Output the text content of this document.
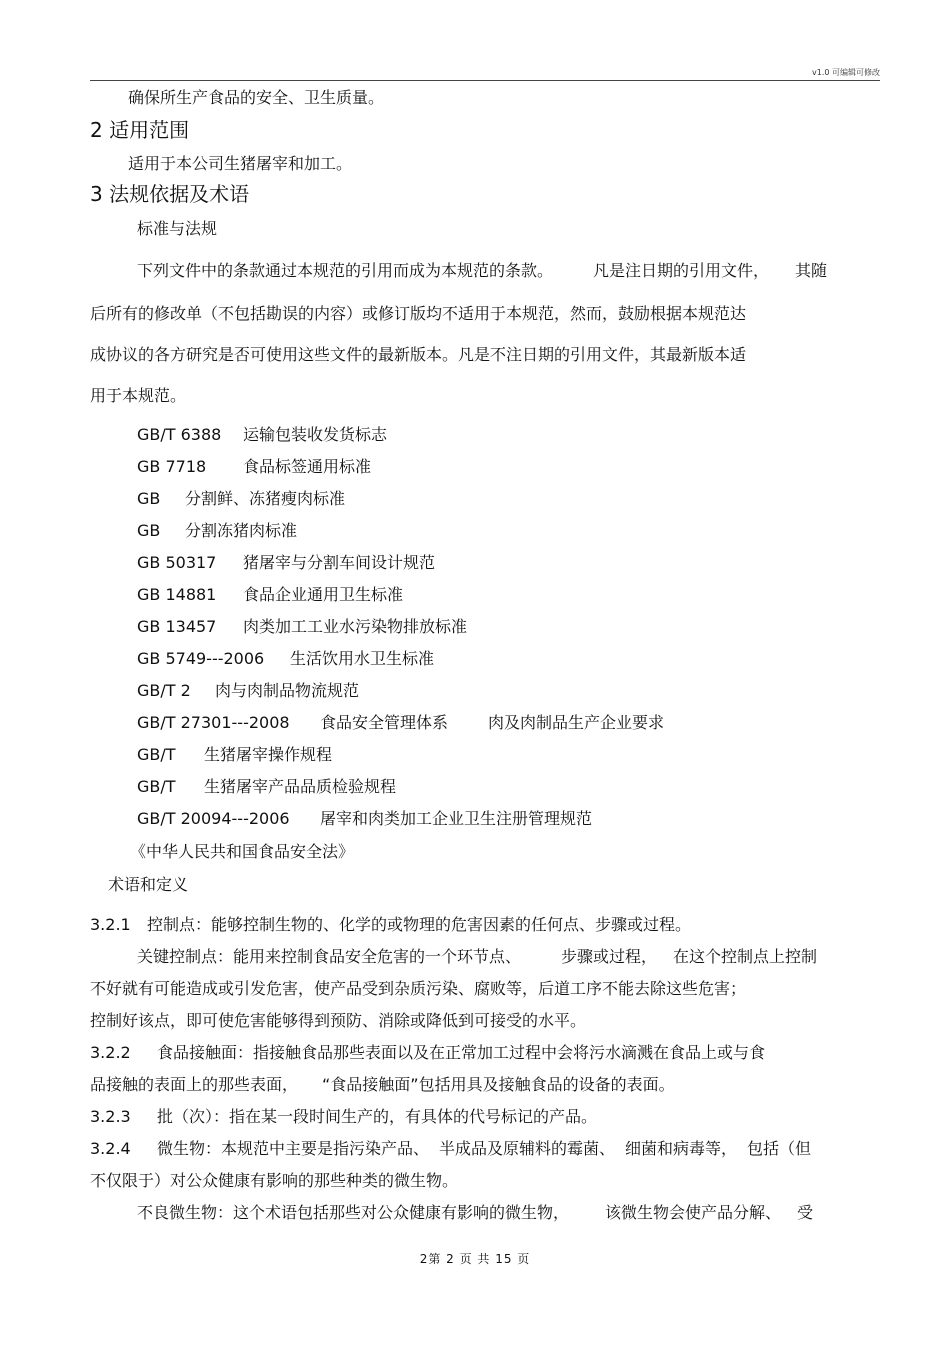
v1.0 可编辑可修改
确保所生产食品的安全、卫生质量。
2 适用范围
适用于本公司生猪屠宰和加工。
3 法规依据及术语
标准与法规
下列文件中的条款通过本规范的引用而成为本规范的条款。	凡是注日期的引用文件， 其随
后所有的修改单（不包括勘误的内容）或修订版均不适用于本规范，然而，鼓励根据本规范达
成协议的各方研究是否可使用这些文件的最新版本。凡是不注日期的引用文件，其最新版本适
用于本规范。
GB/T 6388 运输包装收发货标志
GB 7718 食品标签通用标准
GB 分割鲜、冻猪瘦肉标准
GB 分割冻猪肉标准
GB 50317 猪屠宰与分割车间设计规范
GB 14881 食品企业通用卫生标准
GB 13457 肉类加工工业水污染物排放标准
GB 5749---2006 生活饮用水卫生标准
GB/T 2 肉与肉制品物流规范
GB/T 27301---2008 食品安全管理体系	肉及肉制品生产企业要求
GB/T 生猪屠宰操作规程
GB/T 生猪屠宰产品品质检验规程
GB/T 20094---2006 屠宰和肉类加工企业卫生注册管理规范
《中华人民共和国食品安全法》
术语和定义
3.2.1 控制点：能够控制生物的、化学的或物理的危害因素的任何点、步骤或过程。
关键控制点：能用来控制食品安全危害的一个环节点、	步骤或过程， 在这个控制点上控制
不好就有可能造成或引发危害，使产品受到杂质污染、腐败等，后道工序不能去除这些危害；
控制好该点，即可使危害能够得到预防、消除或降低到可接受的水平。
3.2.2 食品接触面：指接触食品那些表面以及在正常加工过程中会将污水滴溅在食品上或与食
品接触的表面上的那些表面， “食品接触面”包括用具及接触食品的设备的表面。
3.2.3 批（次）：指在某一段时间生产的，有具体的代号标记的产品。
3.2.4 微生物：本规范中主要是指污染产品、 半成品及原辅料的霉菌、 细菌和病毒等， 包括（但
不仅限于）对公众健康有影响的那些种类的微生物。
不良微生物：这个术语包括那些对公众健康有影响的微生物， 该微生物会使产品分解、 受
2第 2 页 共 15 页
